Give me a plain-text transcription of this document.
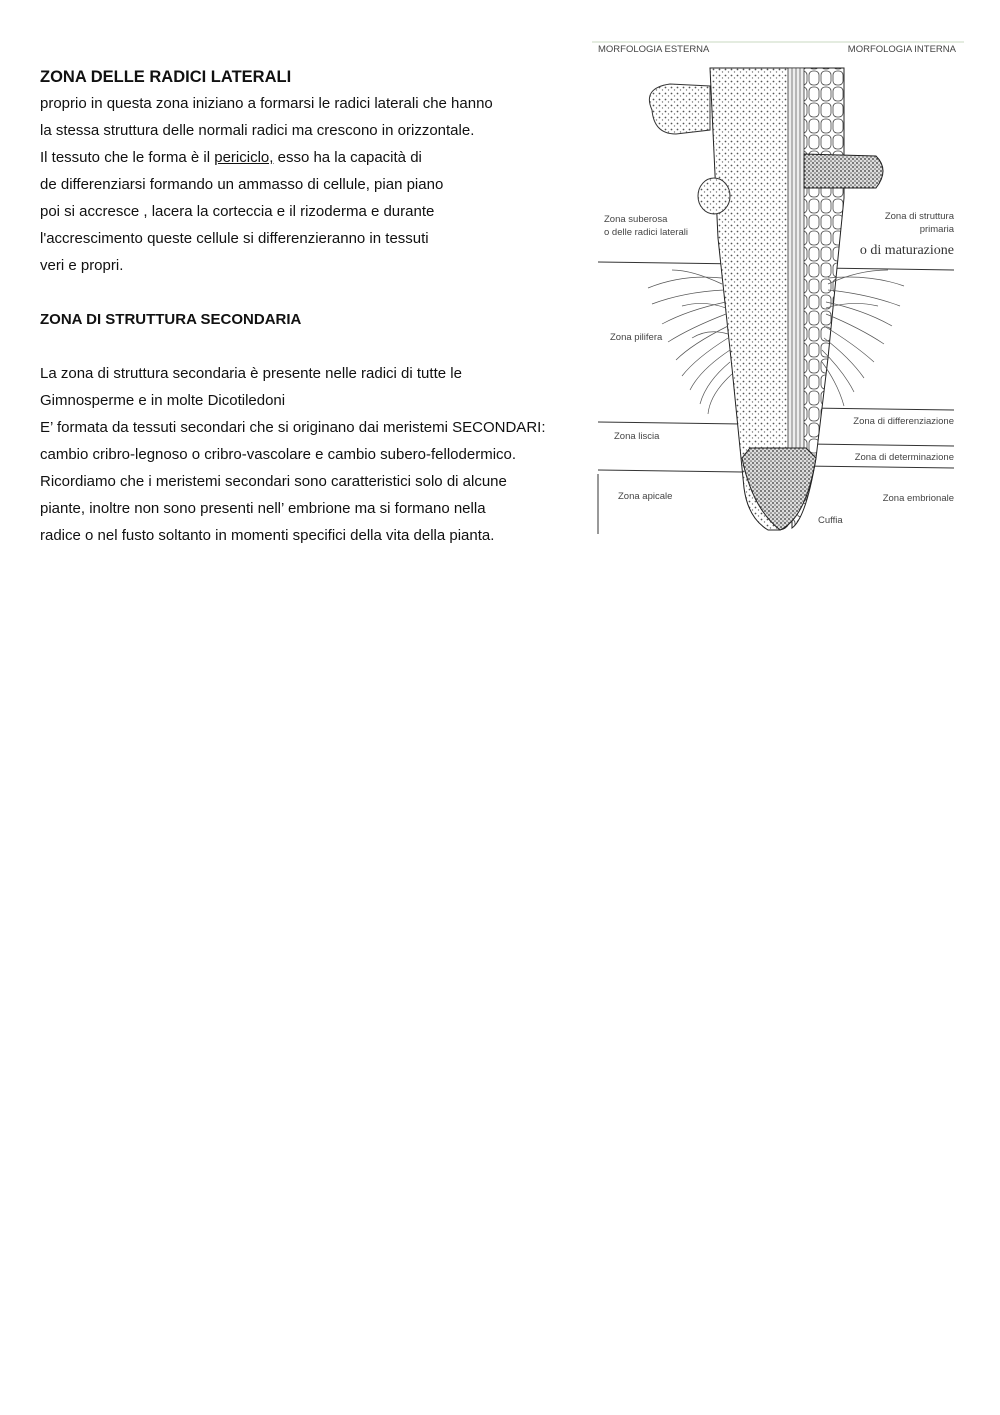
ZONA DELLE RADICI LATERALI

proprio in questa zona iniziano a formarsi le radici laterali che hanno

la stessa struttura delle normali radici ma crescono in orizzontale.

Il tessuto che le forma è il periciclo, esso ha la capacità di

de differenziarsi formando un ammasso di cellule, pian piano

poi si accresce , lacera la corteccia e il rizoderma e durante

l'accrescimento queste cellule si differenzieranno in tessuti

veri e propri.

ZONA DI STRUTTURA SECONDARIA

La zona di struttura secondaria è presente nelle radici di tutte le

Gimnosperme e in molte Dicotiledoni

E’ formata da tessuti secondari che si originano dai meristemi SECONDARI:

cambio cribro-legnoso o cribro-vascolare e cambio subero-fellodermico.

Ricordiamo che i meristemi secondari sono caratteristici solo di alcune

piante, inoltre non sono presenti nell’ embrione ma si formano nella

radice o nel fusto soltanto in momenti specifici della vita della pianta.

MORFOLOGIA ESTERNA	MORFOLOGIA INTERNA
Zona suberosa
o delle radici laterali
Zona di struttura
primaria
o di maturazione
Zona pilifera
Zona di differenziazione
Zona liscia
Zona di determinazione
Zona apicale	Zona embrionale
Cuffia
